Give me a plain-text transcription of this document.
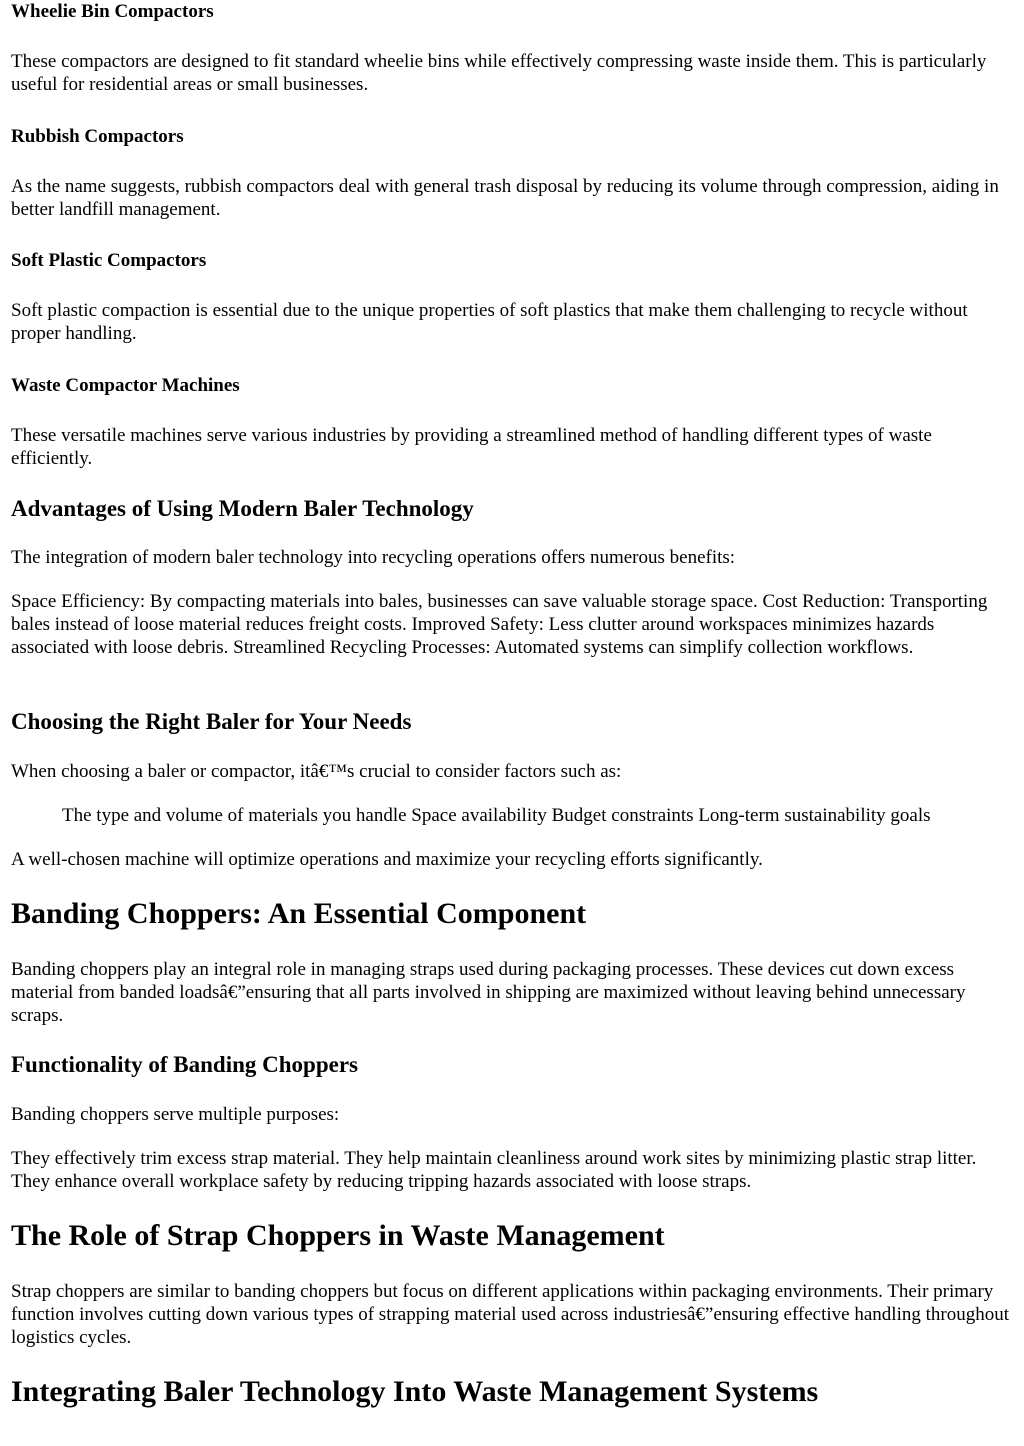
Wheelie Bin Compactors

These compactors are designed to fit standard wheelie bins while effectively compressing waste inside them. This is particularly useful for residential areas or small businesses.

Rubbish Compactors

As the name suggests, rubbish compactors deal with general trash disposal by reducing its volume through compression, aiding in better landfill management.

Soft Plastic Compactors

Soft plastic compaction is essential due to the unique properties of soft plastics that make them challenging to recycle without proper handling.

Waste Compactor Machines

These versatile machines serve various industries by providing a streamlined method of handling different types of waste efficiently.

Advantages of Using Modern Baler Technology

The integration of modern baler technology into recycling operations offers numerous benefits:

Space Efficiency: By compacting materials into bales, businesses can save valuable storage space. Cost Reduction: Transporting bales instead of loose material reduces freight costs. Improved Safety: Less clutter around workspaces minimizes hazards associated with loose debris. Streamlined Recycling Processes: Automated systems can simplify collection workflows.

Choosing the Right Baler for Your Needs

When choosing a baler or compactor, itâ€™s crucial to consider factors such as:

The type and volume of materials you handle Space availability Budget constraints Long-term sustainability goals

A well-chosen machine will optimize operations and maximize your recycling efforts significantly.

Banding Choppers: An Essential Component

Banding choppers play an integral role in managing straps used during packaging processes. These devices cut down excess material from banded loadsâ€”ensuring that all parts involved in shipping are maximized without leaving behind unnecessary scraps.

Functionality of Banding Choppers

Banding choppers serve multiple purposes:

They effectively trim excess strap material. They help maintain cleanliness around work sites by minimizing plastic strap litter. They enhance overall workplace safety by reducing tripping hazards associated with loose straps.

The Role of Strap Choppers in Waste Management

Strap choppers are similar to banding choppers but focus on different applications within packaging environments. Their primary function involves cutting down various types of strapping material used across industriesâ€”ensuring effective handling throughout logistics cycles.

Integrating Baler Technology Into Waste Management Systems
